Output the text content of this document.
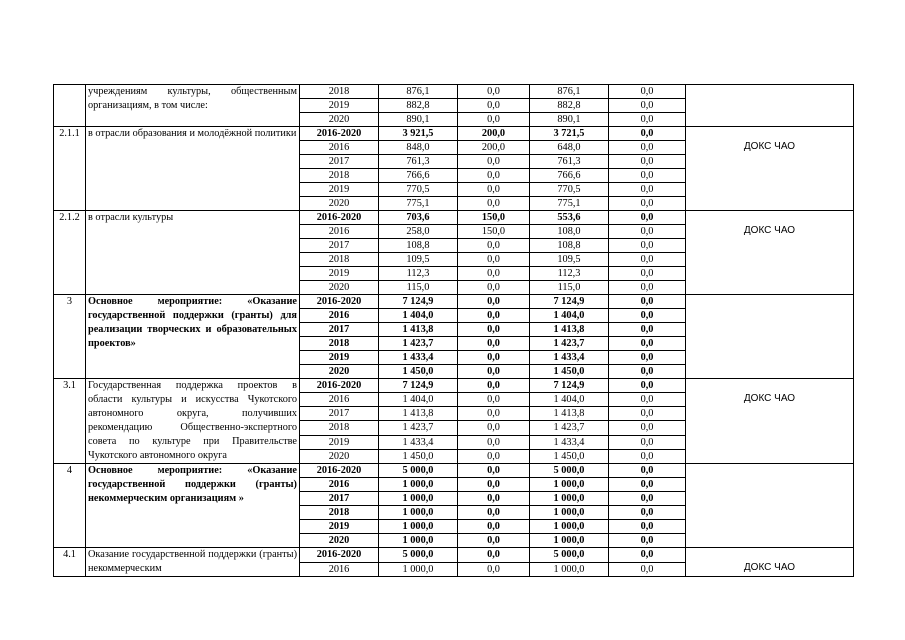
	учреждениям культуры, общественным организациям, в том числе:	2018	876,1	0,0	876,1	0,0	
		2019	882,8	0,0	882,8	0,0	
		2020	890,1	0,0	890,1	0,0	
2.1.1	в отрасли образования и молодёжной политики	2016-2020	3 921,5	200,0	3 721,5	0,0	ДОКС ЧАО
		2016	848,0	200,0	648,0	0,0	
		2017	761,3	0,0	761,3	0,0	
		2018	766,6	0,0	766,6	0,0	
		2019	770,5	0,0	770,5	0,0	
		2020	775,1	0,0	775,1	0,0	
2.1.2	в отрасли культуры	2016-2020	703,6	150,0	553,6	0,0	ДОКС ЧАО
		2016	258,0	150,0	108,0	0,0	
		2017	108,8	0,0	108,8	0,0	
		2018	109,5	0,0	109,5	0,0	
		2019	112,3	0,0	112,3	0,0	
		2020	115,0	0,0	115,0	0,0	
3	Основное мероприятие: «Оказание государственной поддержки (гранты) для реализации творческих и образовательных проектов»	2016-2020	7 124,9	0,0	7 124,9	0,0	
		2016	1 404,0	0,0	1 404,0	0,0	
		2017	1 413,8	0,0	1 413,8	0,0	
		2018	1 423,7	0,0	1 423,7	0,0	
		2019	1 433,4	0,0	1 433,4	0,0	
		2020	1 450,0	0,0	1 450,0	0,0	
3.1	Государственная поддержка проектов в области культуры и искусства Чукотского автономного округа, получивших рекомендацию Общественно-экспертного совета по культуре при Правительстве Чукотского автономного округа	2016-2020	7 124,9	0,0	7 124,9	0,0	ДОКС ЧАО
		2016	1 404,0	0,0	1 404,0	0,0	
		2017	1 413,8	0,0	1 413,8	0,0	
		2018	1 423,7	0,0	1 423,7	0,0	
		2019	1 433,4	0,0	1 433,4	0,0	
		2020	1 450,0	0,0	1 450,0	0,0	
4	Основное мероприятие: «Оказание государственной поддержки (гранты) некоммерческим организациям »	2016-2020	5 000,0	0,0	5 000,0	0,0	
		2016	1 000,0	0,0	1 000,0	0,0	
		2017	1 000,0	0,0	1 000,0	0,0	
		2018	1 000,0	0,0	1 000,0	0,0	
		2019	1 000,0	0,0	1 000,0	0,0	
		2020	1 000,0	0,0	1 000,0	0,0	
4.1	Оказание государственной поддержки (гранты) некоммерческим	2016-2020	5 000,0	0,0	5 000,0	0,0	ДОКС ЧАО
		2016	1 000,0	0,0	1 000,0	0,0	
